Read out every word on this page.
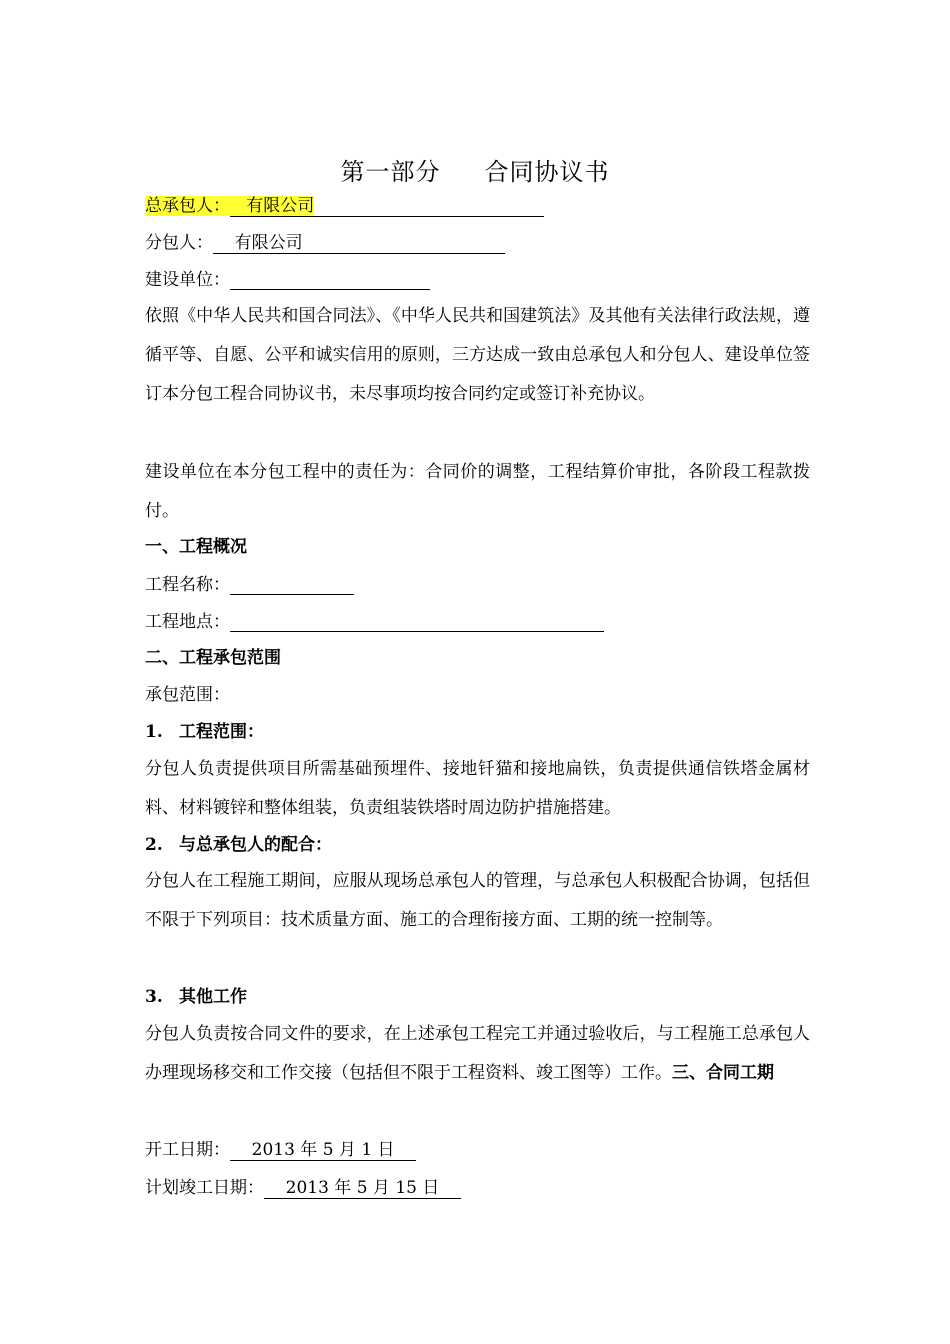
第一部分 合同协议书
总承包人： 有限公司
分包人： 有限公司
建设单位：
依照《中华人民共和国合同法》、《中华人民共和国建筑法》及其他有关法律行政法规，遵循平等、自愿、公平和诚实信用的原则，三方达成一致由总承包人和分包人、建设单位签订本分包工程合同协议书，未尽事项均按合同约定或签订补充协议。
建设单位在本分包工程中的责任为：合同价的调整，工程结算价审批，各阶段工程款拨付。
一、工程概况
工程名称：
工程地点：
二、工程承包范围
承包范围：
1. 工程范围：
分包人负责提供项目所需基础预埋件、接地钎猫和接地扁铁，负责提供通信铁塔金属材料、材料镀锌和整体组装，负责组装铁塔时周边防护措施搭建。
2. 与总承包人的配合：
分包人在工程施工期间，应服从现场总承包人的管理，与总承包人积极配合协调，包括但不限于下列项目：技术质量方面、施工的合理衔接方面、工期的统一控制等。
3. 其他工作
分包人负责按合同文件的要求，在上述承包工程完工并通过验收后，与工程施工总承包人办理现场移交和工作交接（包括但不限于工程资料、竣工图等）工作。三、合同工期
开工日期： 2013 年 5 月 1 日
计划竣工日期： 2013 年 5 月 15 日
